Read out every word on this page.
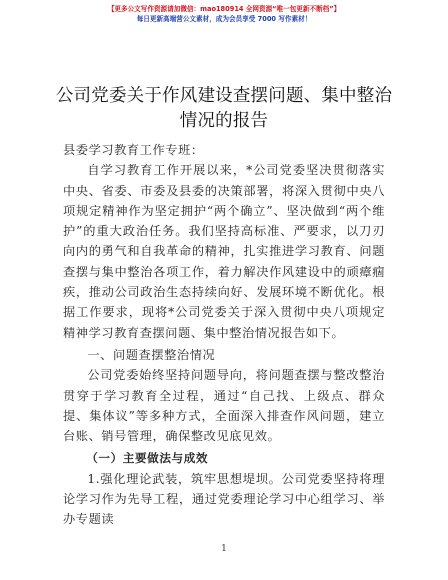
【更多公文写作资源请加微信：mao180914 全网资源“唯一包更新不断档”】
每日更新高端营公文素材，成为会员享受 7000 写作素材！
公司党委关于作风建设查摆问题、集中整治情况的报告

县委学习教育工作专班：

自学习教育工作开展以来，*公司党委坚决贯彻落实中央、省委、市委及县委的决策部署，将深入贯彻中央八项规定精神作为坚定拥护“两个确立”、坚决做到“两个维护”的重大政治任务。我们坚持高标准、严要求，以刀刃向内的勇气和自我革命的精神，扎实推进学习教育、问题查摆与集中整治各项工作，着力解决作风建设中的顽瘴痼疾，推动公司政治生态持续向好、发展环境不断优化。根据工作要求，现将*公司党委关于深入贯彻中央八项规定精神学习教育查摆问题、集中整治情况报告如下。

一、问题查摆整治情况

公司党委始终坚持问题导向，将问题查摆与整改整治贯穿于学习教育全过程，通过“自己找、上级点、群众提、集体议”等多种方式，全面深入排查作风问题，建立台账、销号管理，确保整改见底见效。

（一）主要做法与成效

1.强化理论武装，筑牢思想堤坝。公司党委坚持将理论学习作为先导工程，通过党委理论学习中心组学习、举办专题读

1
